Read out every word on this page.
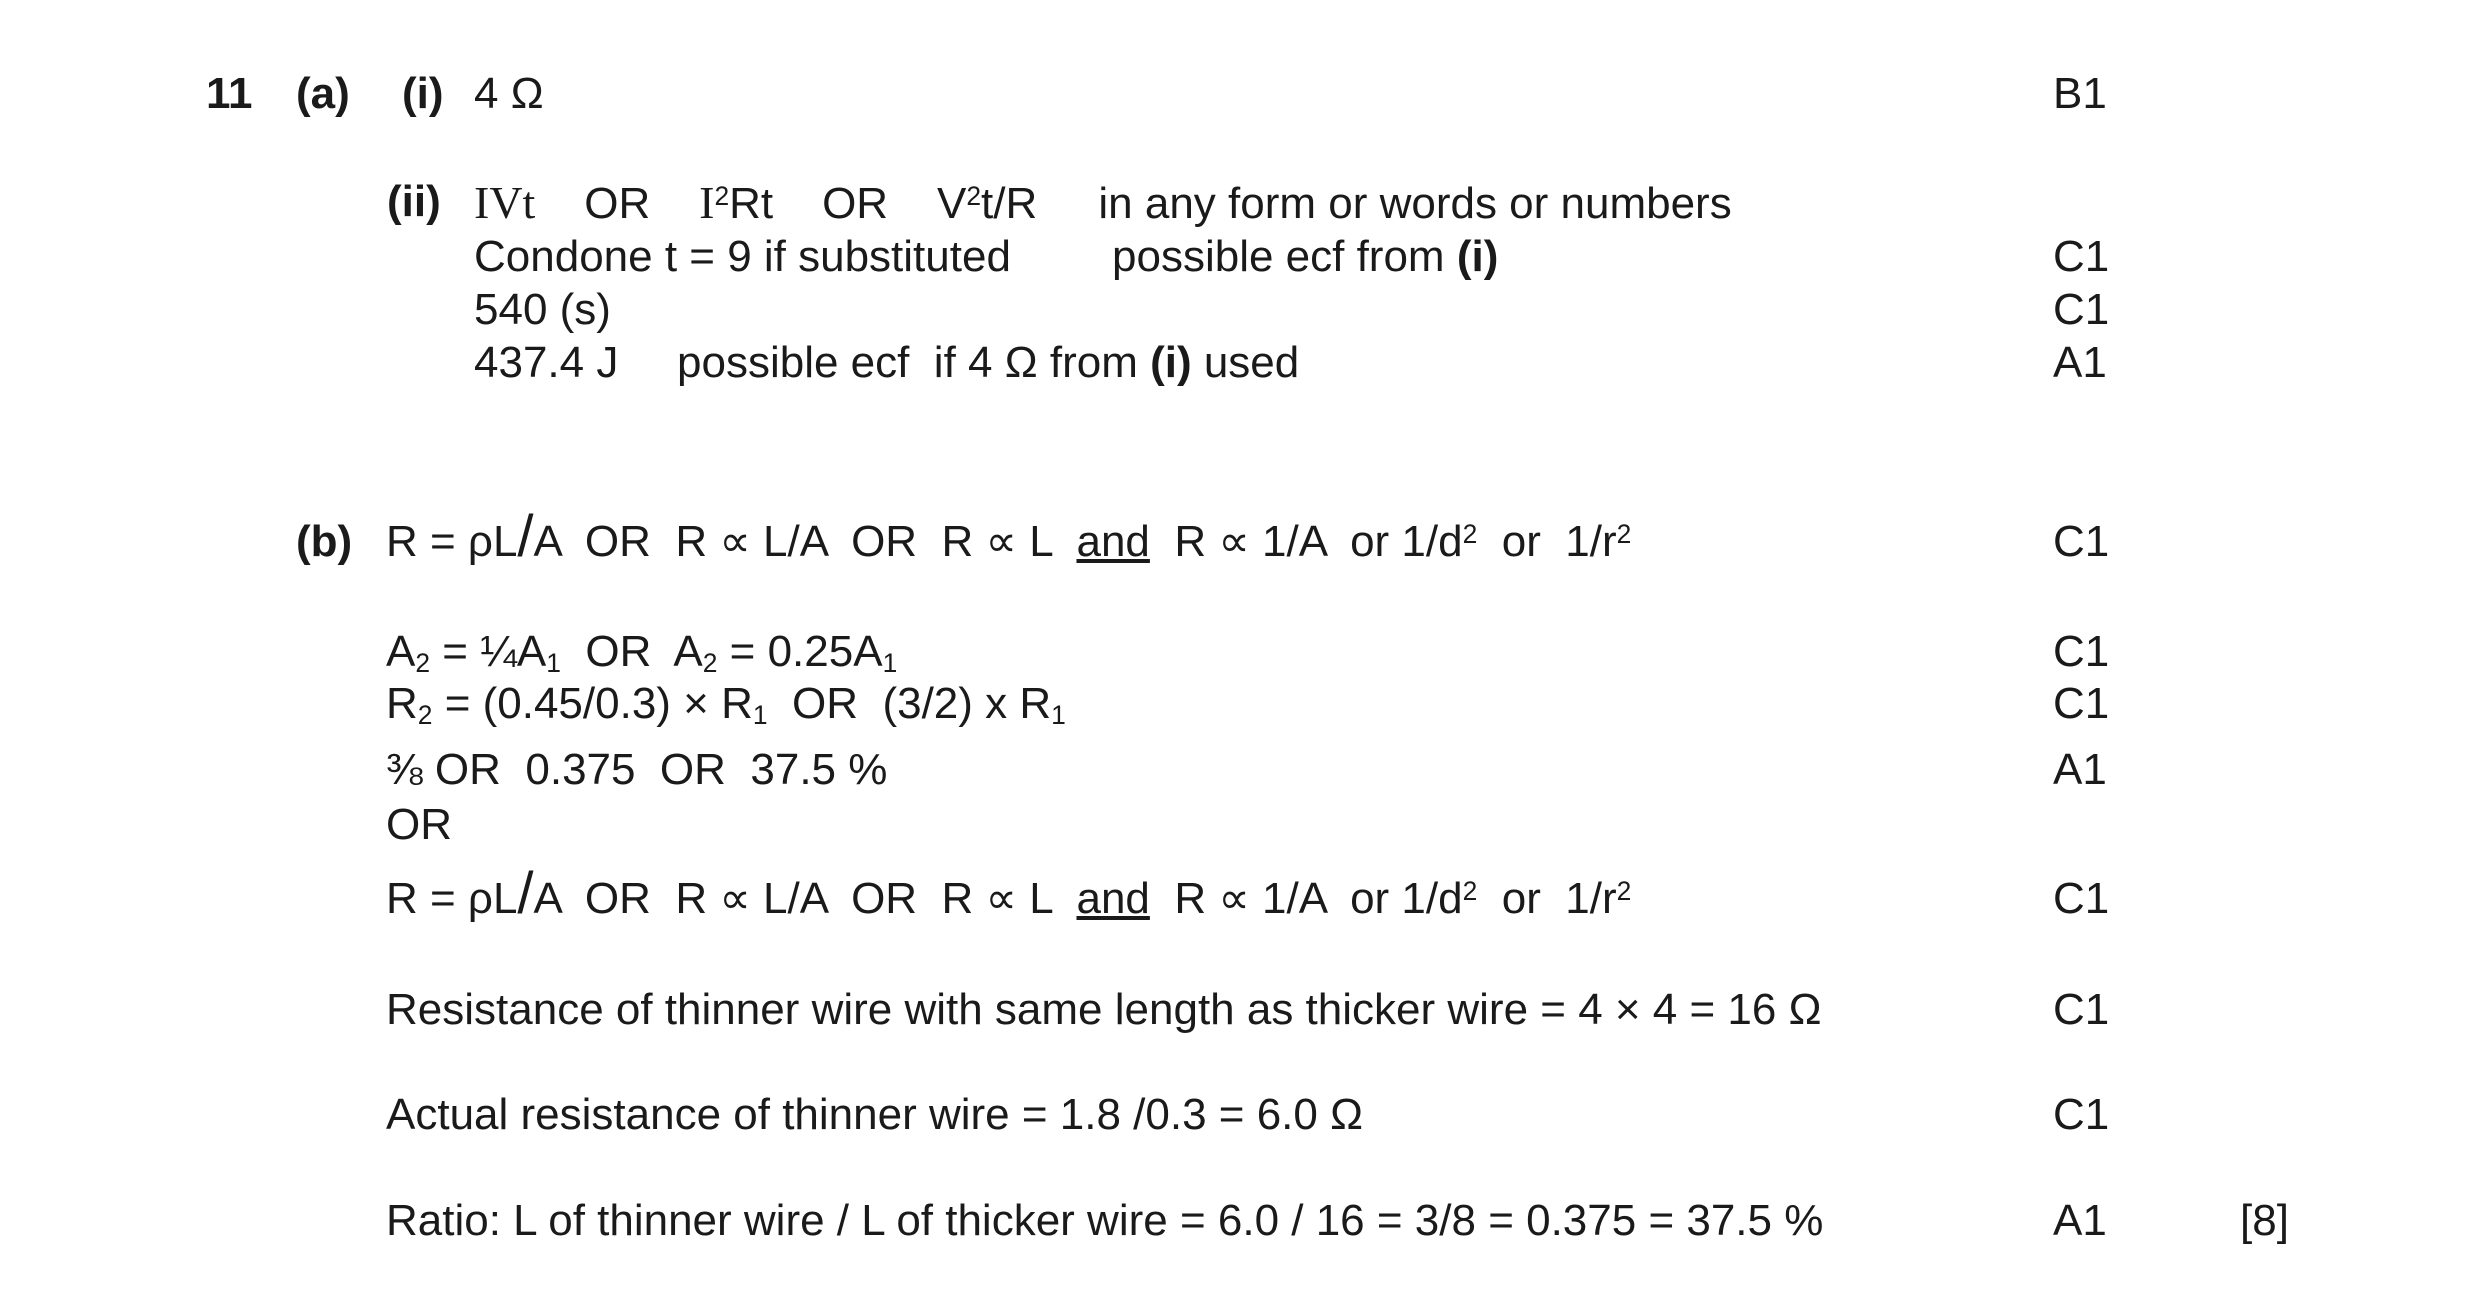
11 (a) (i) 4 Ω	B1
(ii) IVt OR $I^2Rt$ OR $V^2t/R$ in any form or words or numbers
Condone t = 9 if substituted possible ecf from (i)	C1
540 (s)	C1
437.4 J possible ecf  if 4 Ω from (i) used	A1
(b) R = ρL/A  OR  R ∝ L/A  OR  R ∝ L  and  R ∝ 1/A  or $1/d^2$  or  $1/r^2$	C1
$A_2$ = $\frac{1}{4}A_1$  OR  $A_2 = 0.25A_1$	C1
$R_2 = (0.45/0.3) \times R_1$  OR  (3/2) x $R_1$	C1
⅜ OR  0.375  OR  37.5 %	A1
OR
R = ρL/A  OR  R ∝ L/A  OR  R ∝ L  and  R ∝ 1/A  or $1/d^2$  or  $1/r^2$	C1
Resistance of thinner wire with same length as thicker wire = 4 × 4 = 16 Ω	C1
Actual resistance of thinner wire = 1.8 /0.3 = 6.0 Ω	C1
Ratio: L of thinner wire / L of thicker wire = 6.0 / 16 = 3/8 = 0.375 = 37.5 %	A1	[8]
